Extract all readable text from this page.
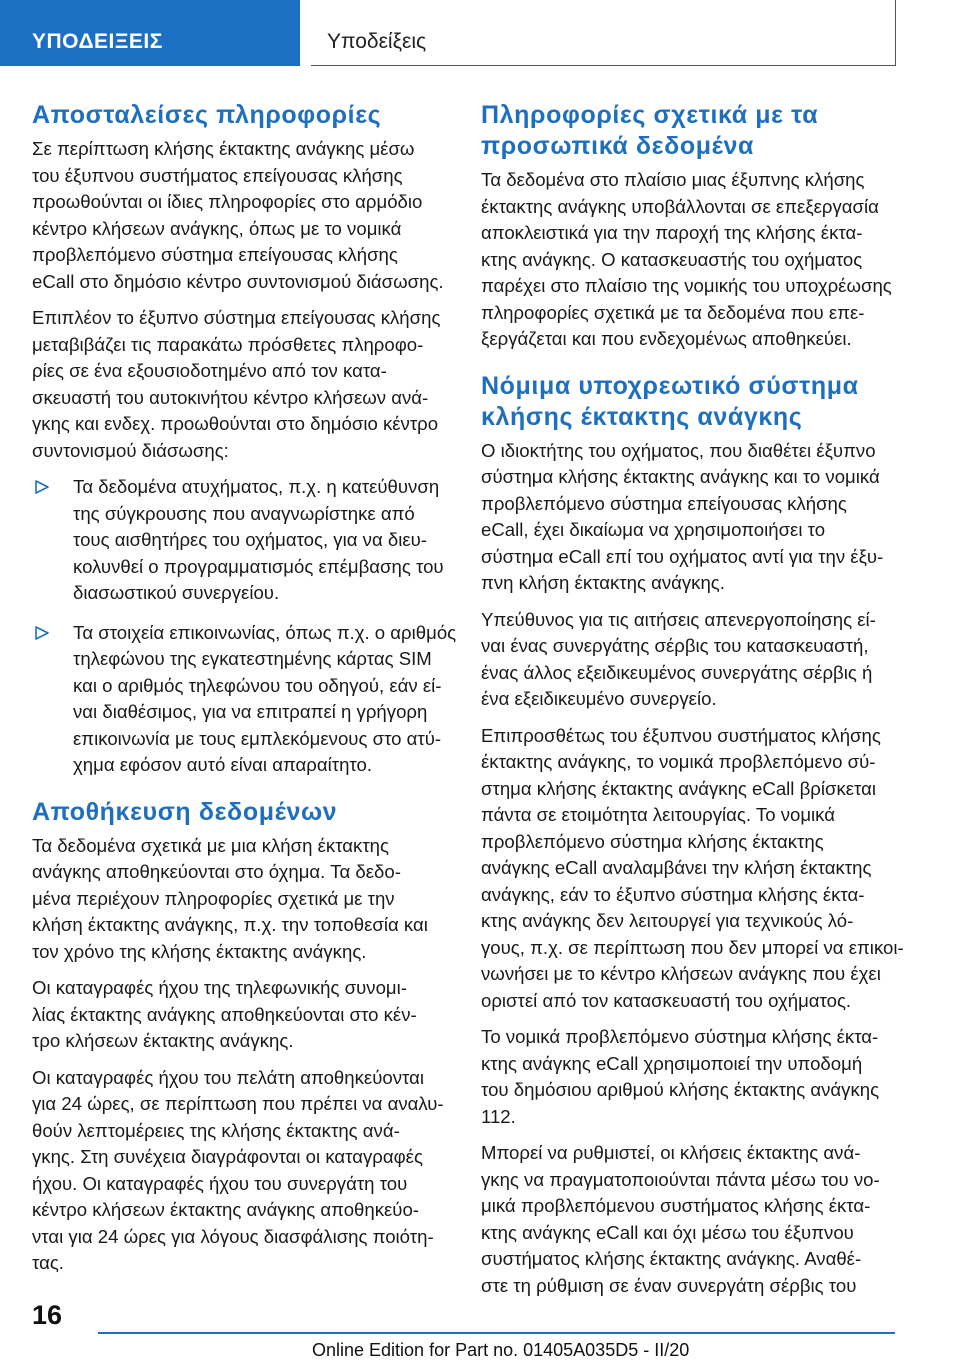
ΥΠΟΔΕΙΞΕΙΣ	Υποδείξεις
Αποσταλείσες πληροφορίες
Σε περίπτωση κλήσης έκτακτης ανάγκης μέσω
του έξυπνου συστήματος επείγουσας κλήσης
προωθούνται οι ίδιες πληροφορίες στο αρμόδιο
κέντρο κλήσεων ανάγκης, όπως με το νομικά
προβλεπόμενο σύστημα επείγουσας κλήσης
eCall στο δημόσιο κέντρο συντονισμού διάσωσης.
Επιπλέον το έξυπνο σύστημα επείγουσας κλήσης
μεταβιβάζει τις παρακάτω πρόσθετες πληροφο-
ρίες σε ένα εξουσιοδοτημένο από τον κατα-
σκευαστή του αυτοκινήτου κέντρο κλήσεων ανά-
γκης και ενδεχ. προωθούνται στο δημόσιο κέντρο
συντονισμού διάσωσης:
Τα δεδομένα ατυχήματος, π.χ. η κατεύθυνση
της σύγκρουσης που αναγνωρίστηκε από
τους αισθητήρες του οχήματος, για να διευ-
κολυνθεί ο προγραμματισμός επέμβασης του
διασωστικού συνεργείου.
Τα στοιχεία επικοινωνίας, όπως π.χ. ο αριθμός
τηλεφώνου της εγκατεστημένης κάρτας SIM
και ο αριθμός τηλεφώνου του οδηγού, εάν εί-
ναι διαθέσιμος, για να επιτραπεί η γρήγορη
επικοινωνία με τους εμπλεκόμενους στο ατύ-
χημα εφόσον αυτό είναι απαραίτητο.
Αποθήκευση δεδομένων
Τα δεδομένα σχετικά με μια κλήση έκτακτης
ανάγκης αποθηκεύονται στο όχημα. Τα δεδο-
μένα περιέχουν πληροφορίες σχετικά με την
κλήση έκτακτης ανάγκης, π.χ. την τοποθεσία και
τον χρόνο της κλήσης έκτακτης ανάγκης.
Οι καταγραφές ήχου της τηλεφωνικής συνομι-
λίας έκτακτης ανάγκης αποθηκεύονται στο κέν-
τρο κλήσεων έκτακτης ανάγκης.
Οι καταγραφές ήχου του πελάτη αποθηκεύονται
για 24 ώρες, σε περίπτωση που πρέπει να αναλυ-
θούν λεπτομέρειες της κλήσης έκτακτης ανά-
γκης. Στη συνέχεια διαγράφονται οι καταγραφές
ήχου. Οι καταγραφές ήχου του συνεργάτη του
κέντρο κλήσεων έκτακτης ανάγκης αποθηκεύο-
νται για 24 ώρες για λόγους διασφάλισης ποιότη-
τας.
Πληροφορίες σχετικά με τα
προσωπικά δεδομένα
Τα δεδομένα στο πλαίσιο μιας έξυπνης κλήσης
έκτακτης ανάγκης υποβάλλονται σε επεξεργασία
αποκλειστικά για την παροχή της κλήσης έκτα-
κτης ανάγκης. Ο κατασκευαστής του οχήματος
παρέχει στο πλαίσιο της νομικής του υποχρέωσης
πληροφορίες σχετικά με τα δεδομένα που επε-
ξεργάζεται και που ενδεχομένως αποθηκεύει.
Νόμιμα υποχρεωτικό σύστημα
κλήσης έκτακτης ανάγκης
Ο ιδιοκτήτης του οχήματος, που διαθέτει έξυπνο
σύστημα κλήσης έκτακτης ανάγκης και το νομικά
προβλεπόμενο σύστημα επείγουσας κλήσης
eCall, έχει δικαίωμα να χρησιμοποιήσει το
σύστημα eCall επί του οχήματος αντί για την έξυ-
πνη κλήση έκτακτης ανάγκης.
Υπεύθυνος για τις αιτήσεις απενεργοποίησης εί-
ναι ένας συνεργάτης σέρβις του κατασκευαστή,
ένας άλλος εξειδικευμένος συνεργάτης σέρβις ή
ένα εξειδικευμένο συνεργείο.
Επιπροσθέτως του έξυπνου συστήματος κλήσης
έκτακτης ανάγκης, το νομικά προβλεπόμενο σύ-
στημα κλήσης έκτακτης ανάγκης eCall βρίσκεται
πάντα σε ετοιμότητα λειτουργίας. Το νομικά
προβλεπόμενο σύστημα κλήσης έκτακτης
ανάγκης eCall αναλαμβάνει την κλήση έκτακτης
ανάγκης, εάν το έξυπνο σύστημα κλήσης έκτα-
κτης ανάγκης δεν λειτουργεί για τεχνικούς λό-
γους, π.χ. σε περίπτωση που δεν μπορεί να επικοι-
νωνήσει με το κέντρο κλήσεων ανάγκης που έχει
οριστεί από τον κατασκευαστή του οχήματος.
Το νομικά προβλεπόμενο σύστημα κλήσης έκτα-
κτης ανάγκης eCall χρησιμοποιεί την υποδομή
του δημόσιου αριθμού κλήσης έκτακτης ανάγκης
112.
Μπορεί να ρυθμιστεί, οι κλήσεις έκτακτης ανά-
γκης να πραγματοποιούνται πάντα μέσω του νο-
μικά προβλεπόμενου συστήματος κλήσης έκτα-
κτης ανάγκης eCall και όχι μέσω του έξυπνου
συστήματος κλήσης έκτακτης ανάγκης. Αναθέ-
στε τη ρύθμιση σε έναν συνεργάτη σέρβις του
16
Online Edition for Part no. 01405A035D5 - II/20
